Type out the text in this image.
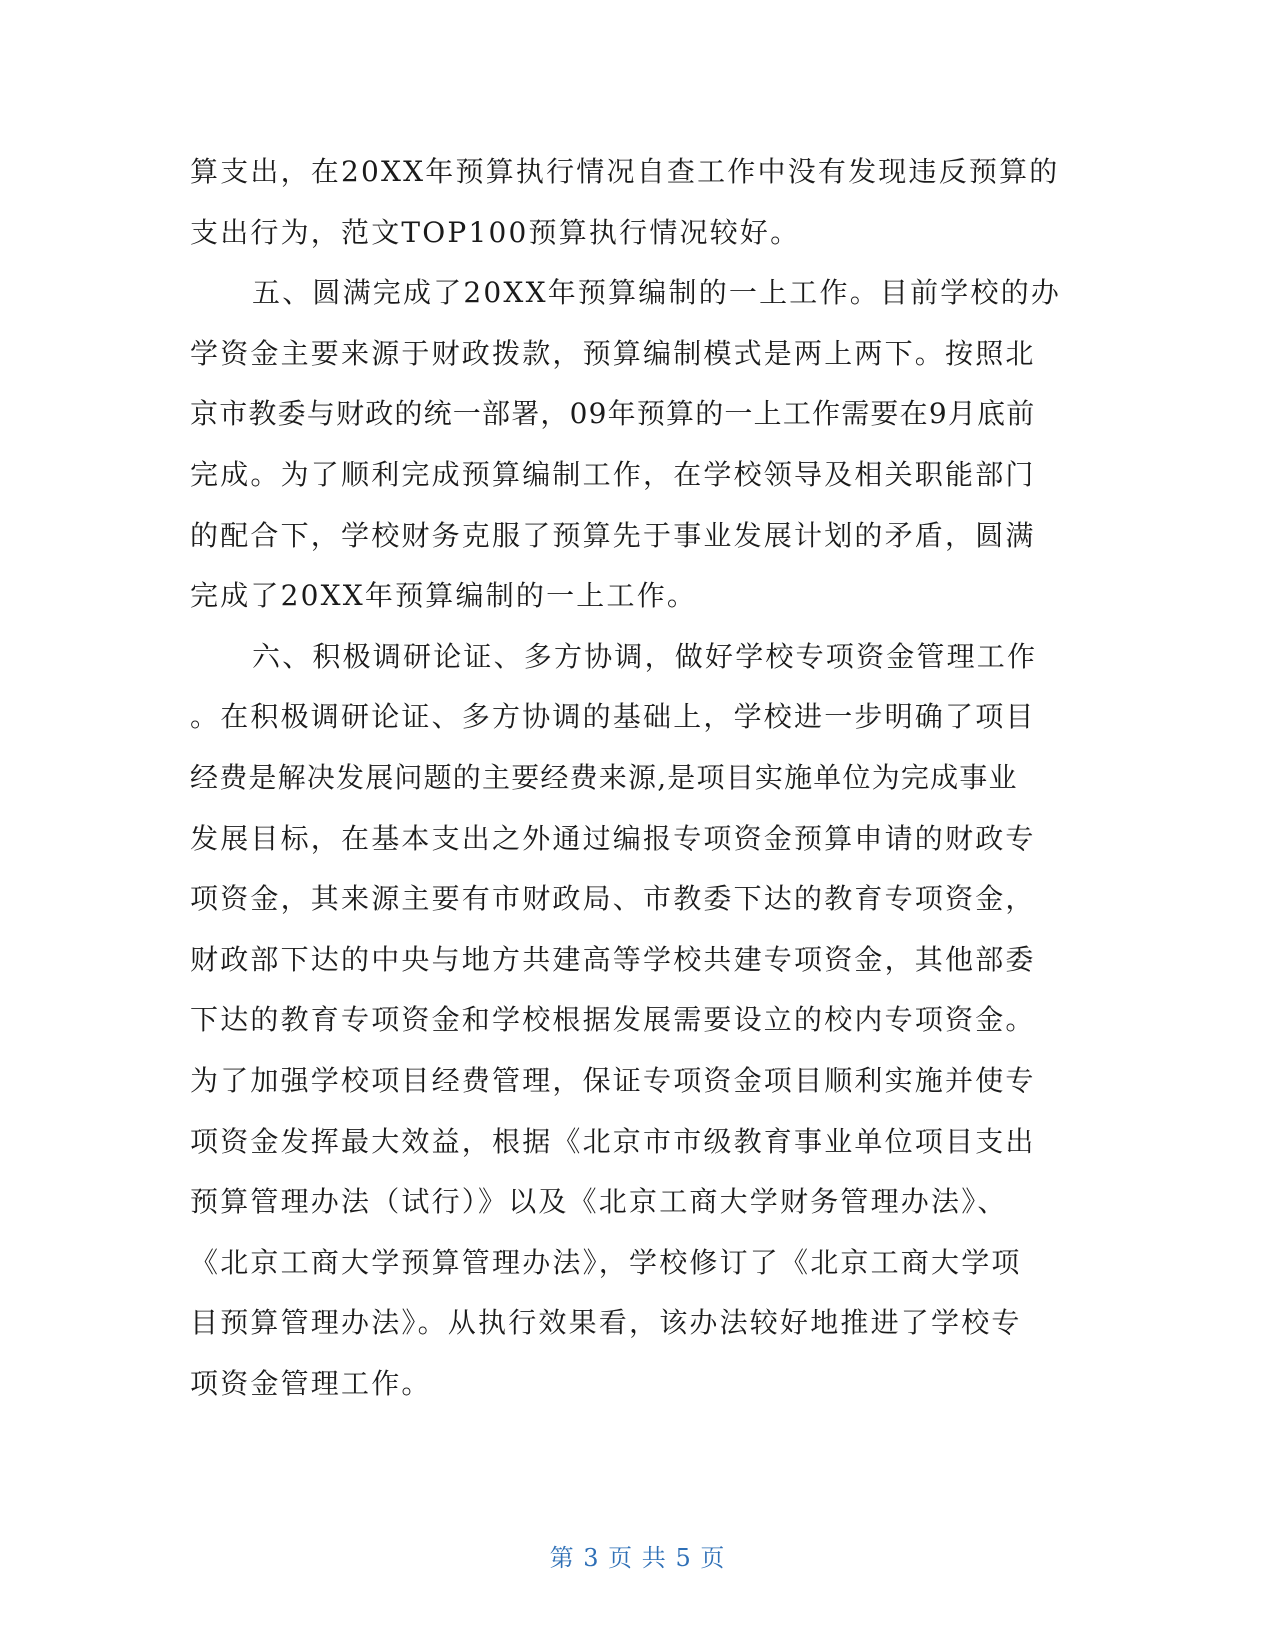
算支出，在20XX年预算执行情况自查工作中没有发现违反预算的
支出行为，范文TOP100预算执行情况较好。
五、圆满完成了20XX年预算编制的一上工作。目前学校的办
学资金主要来源于财政拨款，预算编制模式是两上两下。按照北
京市教委与财政的统一部署，09年预算的一上工作需要在9月底前
完成。为了顺利完成预算编制工作，在学校领导及相关职能部门
的配合下，学校财务克服了预算先于事业发展计划的矛盾，圆满
完成了20XX年预算编制的一上工作。
六、积极调研论证、多方协调，做好学校专项资金管理工作
。在积极调研论证、多方协调的基础上，学校进一步明确了项目
经费是解决发展问题的主要经费来源,是项目实施单位为完成事业
发展目标，在基本支出之外通过编报专项资金预算申请的财政专
项资金，其来源主要有市财政局、市教委下达的教育专项资金，
财政部下达的中央与地方共建高等学校共建专项资金，其他部委
下达的教育专项资金和学校根据发展需要设立的校内专项资金。
为了加强学校项目经费管理，保证专项资金项目顺利实施并使专
项资金发挥最大效益，根据《北京市市级教育事业单位项目支出
预算管理办法（试行）》以及《北京工商大学财务管理办法》、
《北京工商大学预算管理办法》，学校修订了《北京工商大学项
目预算管理办法》。从执行效果看，该办法较好地推进了学校专
项资金管理工作。
第 3 页 共 5 页
